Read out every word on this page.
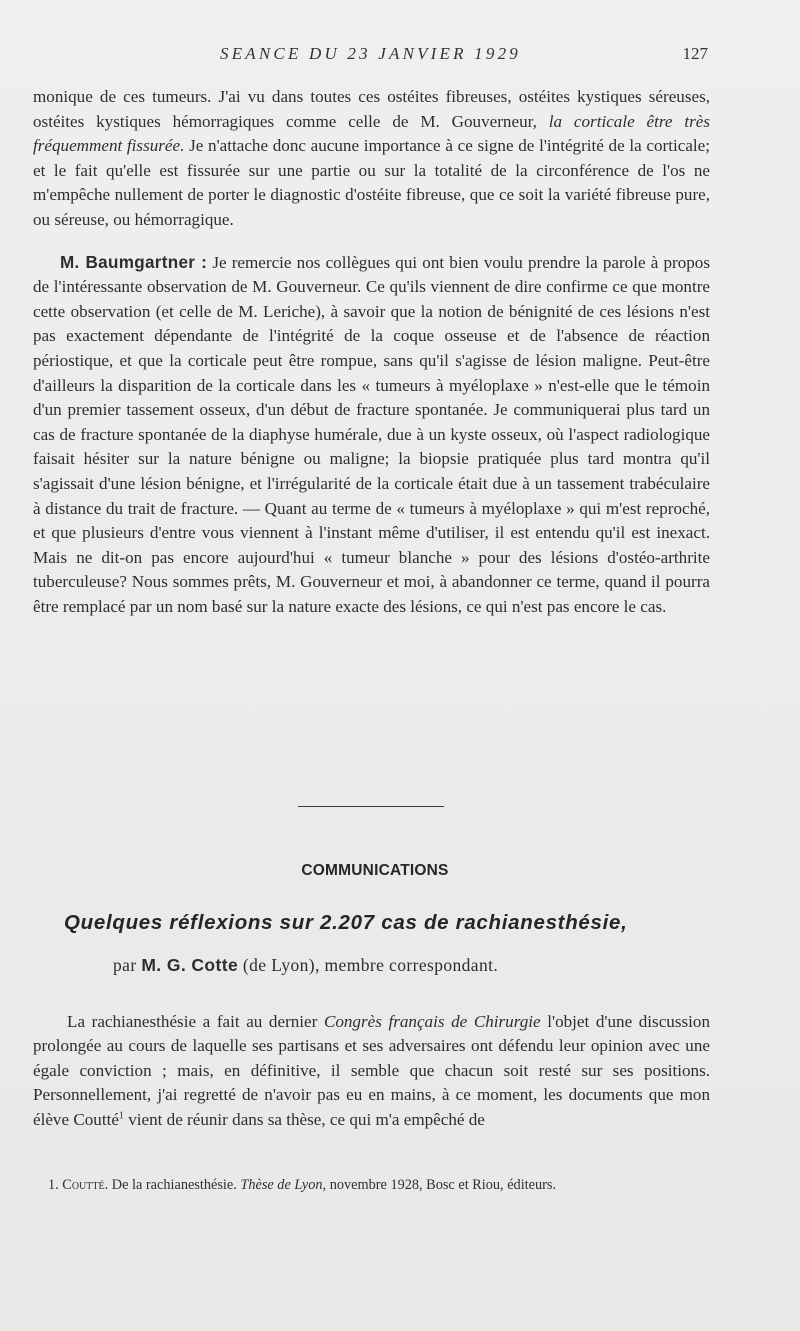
SEANCE DU 23 JANVIER 1929	127

monique de ces tumeurs. J'ai vu dans toutes ces ostéites fibreuses, ostéites kystiques séreuses, ostéites kystiques hémorragiques comme celle de M. Gouverneur, la corticale être très fréquemment fissurée. Je n'attache donc aucune importance à ce signe de l'intégrité de la corticale; et le fait qu'elle est fissurée sur une partie ou sur la totalité de la circonférence de l'os ne m'empêche nullement de porter le diagnostic d'ostéite fibreuse, que ce soit la variété fibreuse pure, ou séreuse, ou hémorragique.

M. Baumgartner : Je remercie nos collègues qui ont bien voulu prendre la parole à propos de l'intéressante observation de M. Gouverneur. Ce qu'ils viennent de dire confirme ce que montre cette observation (et celle de M. Leriche), à savoir que la notion de bénignité de ces lésions n'est pas exactement dépendante de l'intégrité de la coque osseuse et de l'absence de réaction périostique, et que la corticale peut être rompue, sans qu'il s'agisse de lésion maligne. Peut-être d'ailleurs la disparition de la corticale dans les « tumeurs à myéloplaxe » n'est-elle que le témoin d'un premier tassement osseux, d'un début de fracture spontanée. Je communiquerai plus tard un cas de fracture spontanée de la diaphyse humérale, due à un kyste osseux, où l'aspect radiologique faisait hésiter sur la nature bénigne ou maligne; la biopsie pratiquée plus tard montra qu'il s'agissait d'une lésion bénigne, et l'irrégularité de la corticale était due à un tassement trabéculaire à distance du trait de fracture. — Quant au terme de « tumeurs à myéloplaxe » qui m'est reproché, et que plusieurs d'entre vous viennent à l'instant même d'utiliser, il est entendu qu'il est inexact. Mais ne dit-on pas encore aujourd'hui « tumeur blanche » pour des lésions d'ostéo-arthrite tuberculeuse? Nous sommes prêts, M. Gouverneur et moi, à abandonner ce terme, quand il pourra être remplacé par un nom basé sur la nature exacte des lésions, ce qui n'est pas encore le cas.

COMMUNICATIONS
Quelques réflexions sur 2.207 cas de rachianesthésie,
par M. G. Cotte (de Lyon), membre correspondant.

La rachianesthésie a fait au dernier Congrès français de Chirurgie l'objet d'une discussion prolongée au cours de laquelle ses partisans et ses adversaires ont défendu leur opinion avec une égale conviction ; mais, en définitive, il semble que chacun soit resté sur ses positions. Personnellement, j'ai regretté de n'avoir pas eu en mains, à ce moment, les documents que mon élève Coutté$^1$ vient de réunir dans sa thèse, ce qui m'a empêché de

1. Coutté. De la rachianesthésie. Thèse de Lyon, novembre 1928, Bosc et Riou, éditeurs.
